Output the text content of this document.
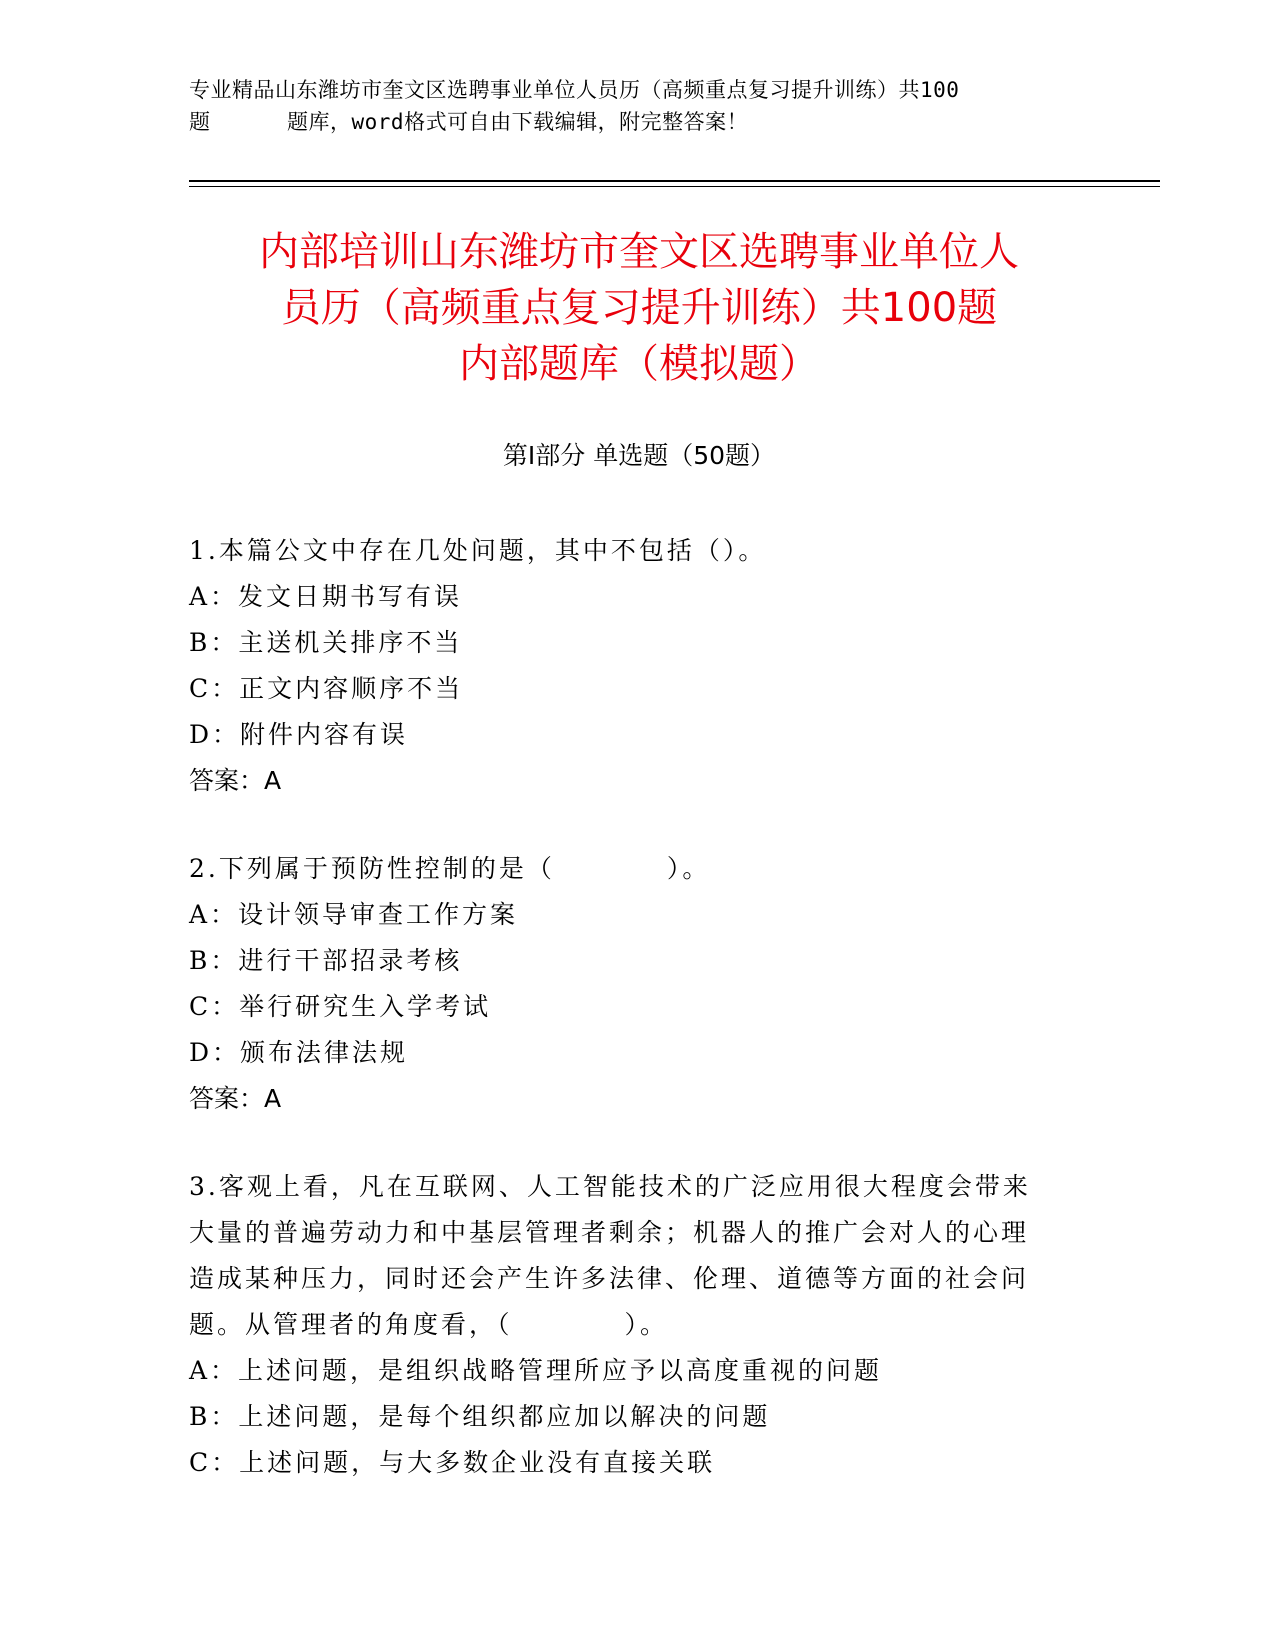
专业精品山东潍坊市奎文区选聘事业单位人员历（高频重点复习提升训练）共100
题	题库，word格式可自由下载编辑，附完整答案！
内部培训山东潍坊市奎文区选聘事业单位人
员历（高频重点复习提升训练）共100题
内部题库（模拟题）
第Ⅰ部分 单选题（50题）

1.本篇公文中存在几处问题，其中不包括（）。

A：发文日期书写有误

B：主送机关排序不当

C：正文内容顺序不当

D：附件内容有误

答案：A

2.下列属于预防性控制的是（　　　　）。

A：设计领导审查工作方案

B：进行干部招录考核

C：举行研究生入学考试

D：颁布法律法规

答案：A

3.客观上看，凡在互联网、人工智能技术的广泛应用很大程度会带来

大量的普遍劳动力和中基层管理者剩余；机器人的推广会对人的心理

造成某种压力，同时还会产生许多法律、伦理、道德等方面的社会问

题。从管理者的角度看，（　　　　）。

A：上述问题，是组织战略管理所应予以高度重视的问题

B：上述问题，是每个组织都应加以解决的问题

C：上述问题，与大多数企业没有直接关联
